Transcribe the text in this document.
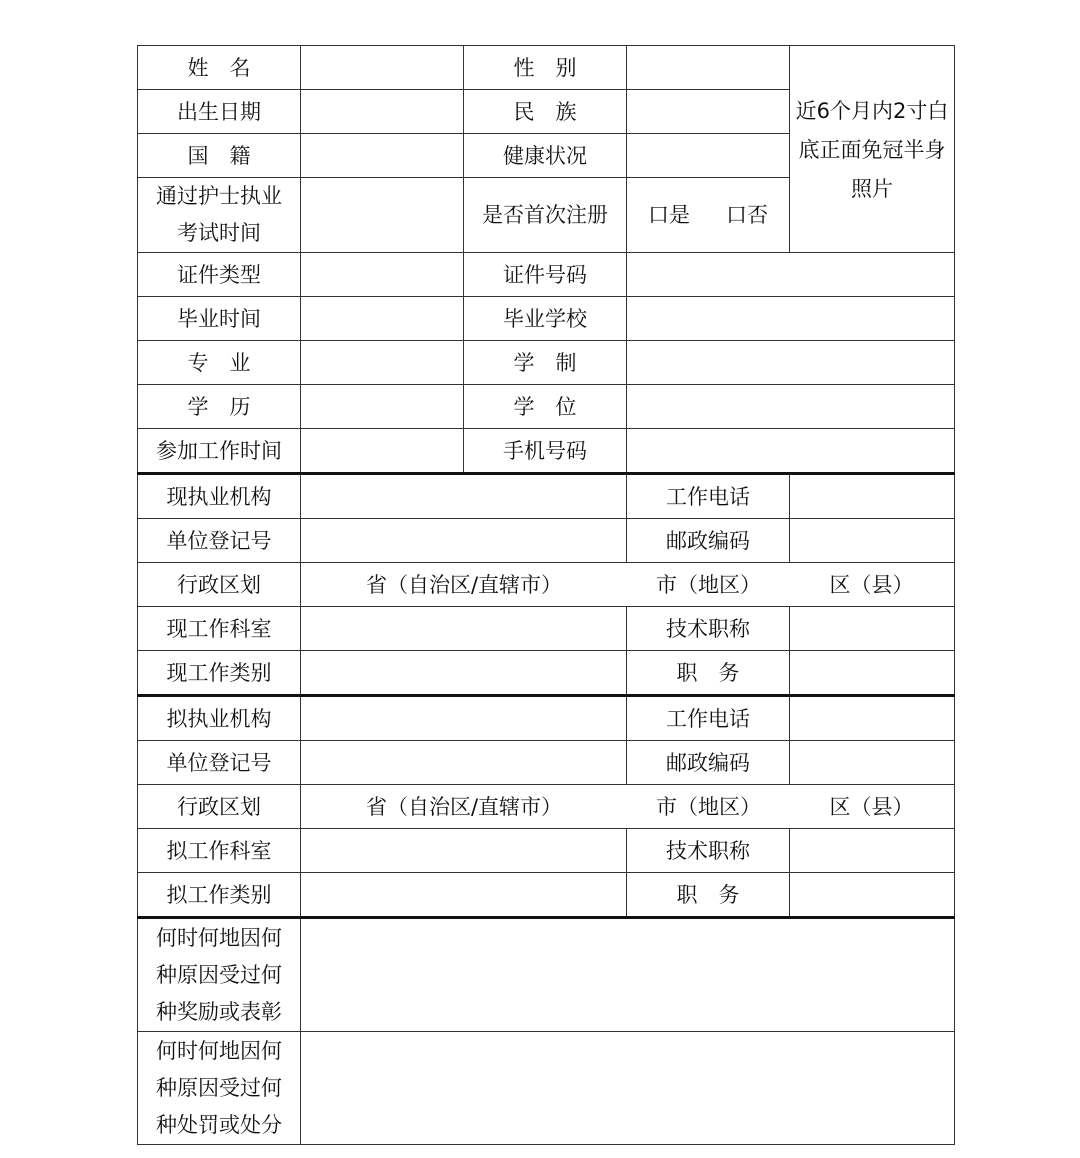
姓　名		性　别		近6个月内2寸白底正面免冠半身照片
出生日期		民　族		
国　籍		健康状况		

通过护士执业考试时间		是否首次注册	口是 口否	
证件类型		证件号码		
毕业时间		毕业学校		
专　业		学　制		
学　历		学　位		
参加工作时间		手机号码		
现执业机构			工作电话	
单位登记号			邮政编码	
行政区划	省（自治区/直辖市） 市（地区） 区（县）			
现工作科室			技术职称	
现工作类别			职　务	
拟执业机构			工作电话	
单位登记号			邮政编码	
行政区划	省（自治区/直辖市） 市（地区） 区（县）			
拟工作科室			技术职称	
拟工作类别			职　务	

何时何地因何种原因受过何种奖励或表彰				

何时何地因何种原因受过何种处罚或处分				
